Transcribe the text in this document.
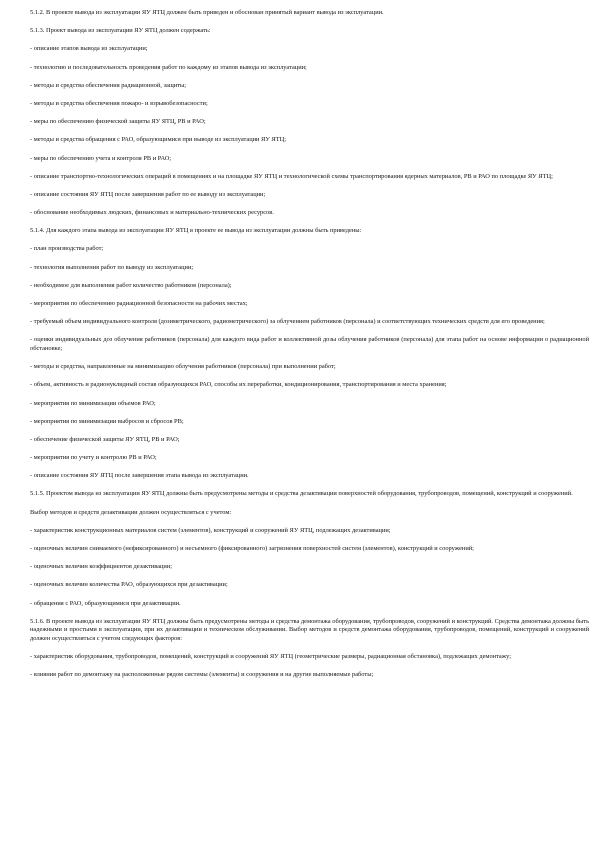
5.1.2. В проекте вывода из эксплуатации ЯУ ЯТЦ должен быть приведен и обоснован принятый вариант вывода из эксплуатации.

5.1.3. Проект вывода из эксплуатации ЯУ ЯТЦ должен содержать:

- описание этапов вывода из эксплуатации;

- технологию и последовательность проведения работ по каждому из этапов вывода из эксплуатации;

- методы и средства обеспечения радиационной, защиты;

- методы и средства обеспечения пожаро- и взрывобезопасности;

- меры по обеспечению физической защиты ЯУ ЯТЦ, РВ и РАО;

- методы и средства обращения с РАО, образующимися при выводе из эксплуатации ЯУ ЯТЦ;

- меры по обеспечению учета и контроля РВ и РАО;

- описание транспортно-технологических операций в помещениях и на площадке ЯУ ЯТЦ и технологической схемы транспортирования ядерных материалов, РВ и РАО по площадке ЯУ ЯТЦ;

- описание состояния ЯУ ЯТЦ после завершения работ по ее выводу из эксплуатации;

- обоснование необходимых людских, финансовых и материально-технических ресурсов.

5.1.4. Для каждого этапа вывода из эксплуатации ЯУ ЯТЦ в проекте ее вывода из эксплуатации должны быть приведены:

- план производства работ;

- технология выполнения работ по выводу из эксплуатации;

- необходимое для выполнения работ количество работников (персонала);

- мероприятия по обеспечению радиационной безопасности на рабочих местах;

- требуемый объем индивидуального контроля (дозиметрического, радиометрического) за облучением работников (персонала) и соответствующих технических средств для его проведения;

- оценки индивидуальных доз облучения работников (персонала) для каждого вида работ и коллективной дозы облучения работников (персонала) для этапа работ на основе информации о радиационной обстановке;

- методы и средства, направленные на минимизацию облучения работников (персонала) при выполнении работ;

- объем, активность и радионуклидный состав образующихся РАО, способы их переработки, кондиционирования, транспортирования и места хранения;

- мероприятия по минимизации объемов РАО;

- мероприятия по минимизации выбросов и сбросов РВ;

- обеспечение физической защиты ЯУ ЯТЦ, РВ и РАО;

- мероприятия по учету и контролю РВ и РАО;

- описание состояния ЯУ ЯТЦ после завершения этапа вывода из эксплуатации.

5.1.5. Проектом вывода из эксплуатации ЯУ ЯТЦ должны быть предусмотрены методы и средства дезактивации поверхностей оборудования, трубопроводов, помещений, конструкций и сооружений.

Выбор методов и средств дезактивации должен осуществляться с учетом:

- характеристик конструкционных материалов систем (элементов), конструкций и сооружений ЯУ ЯТЦ, подлежащих дезактивации;

- оценочных величин снимаемого (нефиксированного) и несъемного (фиксированного) загрязнения поверхностей систем (элементов), конструкций и сооружений;

- оценочных величин коэффициентов дезактивации;

- оценочных величин количества РАО, образующихся при дезактивации;

- обращения с РАО, образующимися при дезактивации.

5.1.6. В проекте вывода из эксплуатации ЯУ ЯТЦ должны быть предусмотрены методы и средства демонтажа оборудования, трубопроводов, сооружений и конструкций. Средства демонтажа должны быть надежными и простыми в эксплуатации, при их дезактивации и техническом обслуживании. Выбор методов и средств демонтажа оборудования, трубопроводов, помещений, конструкций и сооружений должен осуществляться с учетом следующих факторов:

- характеристик оборудования, трубопроводов, помещений, конструкций и сооружений ЯУ ЯТЦ (геометрические размеры, радиационная обстановка), подлежащих демонтажу;

- влияния работ по демонтажу на расположенные рядом системы (элементы) и сооружения и на другие выполняемые работы;
